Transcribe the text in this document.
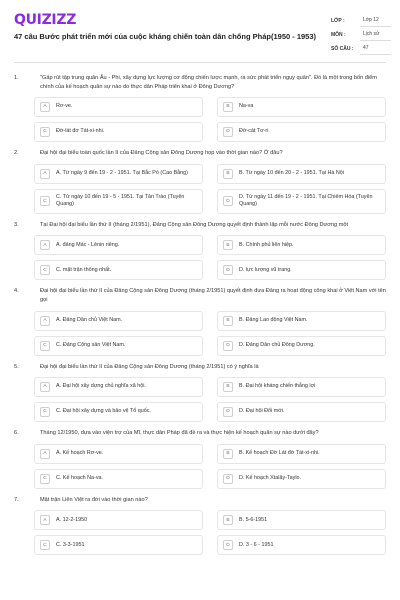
QUIZIZZ
47 câu Bước phát triển mới của cuộc kháng chiến toàn dân chống Pháp(1950 - 1953)
LỚP :	Lớp 12
MÔN :	Lịch sử
SỐ CÂU :	47
1.	"Gấp rút tập trung quân Âu - Phi, xây dựng lực lượng cơ động chiến lược mạnh, ra sức phát triển ngụy quân". Đó là một trong bốn điểm chính của kế hoạch quân sự nào do thực dân Pháp triển khai ở Đông Dương?
A	Rơ-ve.	B	Na-va
C	Đờ-lát đơ Tát-xi-nhi.	D	Đờ-cát Tơ-ri
2.	Đại hội đại biểu toàn quốc lần II của Đảng Cộng sản Đông Dương họp vào thời gian nào? Ở đâu?
A	A. Từ ngày 9 đến 19 - 2 - 1951. Tại Bắc Pó (Cao Bằng)	B	B. Từ ngày 10 đến 20 - 2 - 1951. Tại Hà Nội
C
C. Từ ngày 10 đến 19 - 5 - 1951. Tại Tân Trào (Tuyên Quang)
D
D. Từ ngày 11 đến 19 - 2 - 1951. Tại Chiêm Hóa (Tuyên Quang)
3.	Tại Đại hội đại biểu lần thứ II (tháng 2/1951), Đảng Cộng sản Đông Dương quyết định thành lập mỗi nước Đông Dương một
A	A. đảng Mác - Lênin riêng.	B	B. Chính phủ liên hiệp.
C	C. mặt trận thống nhất.	D	D. lực lượng vũ trang.
4.	Đại hội đại biểu lần thứ II của Đảng Cộng sản Đông Dương (tháng 2/1951) quyết định đưa Đảng ra hoạt động công khai ở Việt Nam với tên gọi
A	A. Đảng Dân chủ Việt Nam.	B	B. Đảng Lao động Việt Nam.
C	C. Đảng Cộng sản Việt Nam.	D	D. Đảng Dân chủ Đông Dương.
5.	Đại hội đại biểu lần thứ II của Đảng Cộng sản Đông Dương (tháng 2/1951) có ý nghĩa là
A	A. Đại hội xây dựng chủ nghĩa xã hội.	B	B. Đại hội kháng chiến thắng lợi
C	C. Đại hội xây dựng và bảo vệ Tổ quốc.	D	D. Đại hội Đổi mới.
6.	Tháng 12/1950, dựa vào viện trợ của Mĩ, thực dân Pháp đã đề ra và thực hiện kế hoạch quân sự nào dưới đây?
A	A. Kế hoạch Rơ-ve.	B	B. Kế hoạch Đờ Lát đờ Tát-xi-nhi.
C	C. Kế hoạch Na-va.	D	D. Kế hoạch Xtalây-Taylo.
7.	Mặt trận Liên Việt ra đời vào thời gian nào?
A	A. 12-2-1950	B	B. 5-6-1951
C	C. 3-3-1951	D	D. 3 - 6 - 1951
